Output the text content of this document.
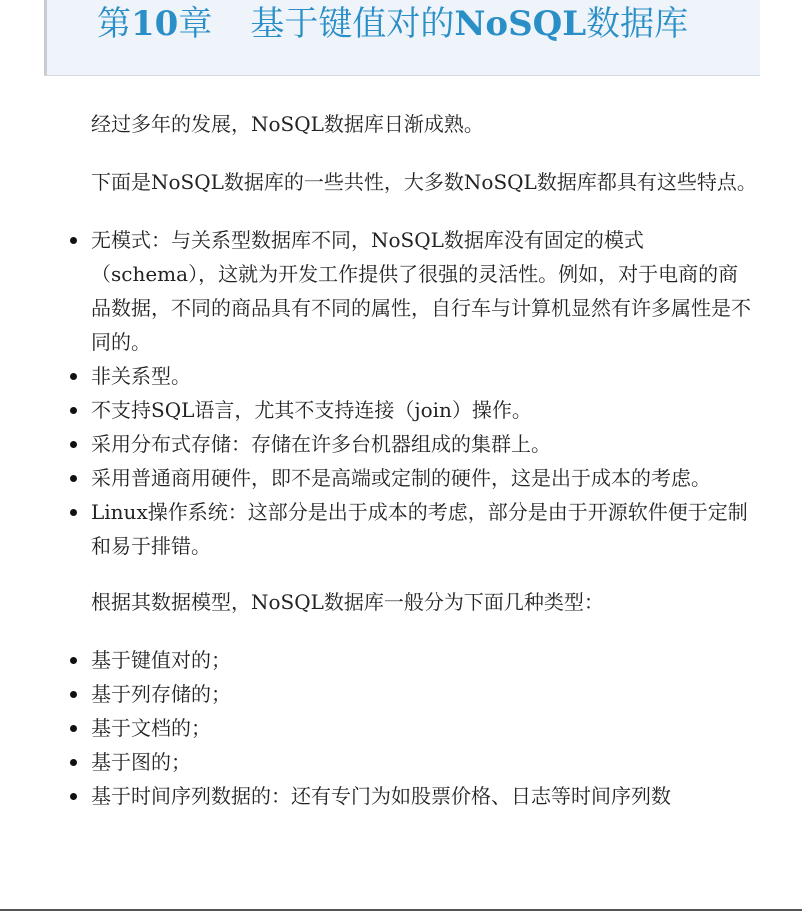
第10章 基于键值对的NoSQL数据库

经过多年的发展，NoSQL数据库日渐成熟。

下面是NoSQL数据库的一些共性，大多数NoSQL数据库都具有这些特点。

无模式：与关系型数据库不同，NoSQL数据库没有固定的模式（schema），这就为开发工作提供了很强的灵活性。例如，对于电商的商品数据，不同的商品具有不同的属性，自行车与计算机显然有许多属性是不同的。
非关系型。
不支持SQL语言，尤其不支持连接（join）操作。
采用分布式存储：存储在许多台机器组成的集群上。
采用普通商用硬件，即不是高端或定制的硬件，这是出于成本的考虑。
Linux操作系统：这部分是出于成本的考虑，部分是由于开源软件便于定制和易于排错。

根据其数据模型，NoSQL数据库一般分为下面几种类型：

基于键值对的；
基于列存储的；
基于文档的；
基于图的；
基于时间序列数据的：还有专门为如股票价格、日志等时间序列数
